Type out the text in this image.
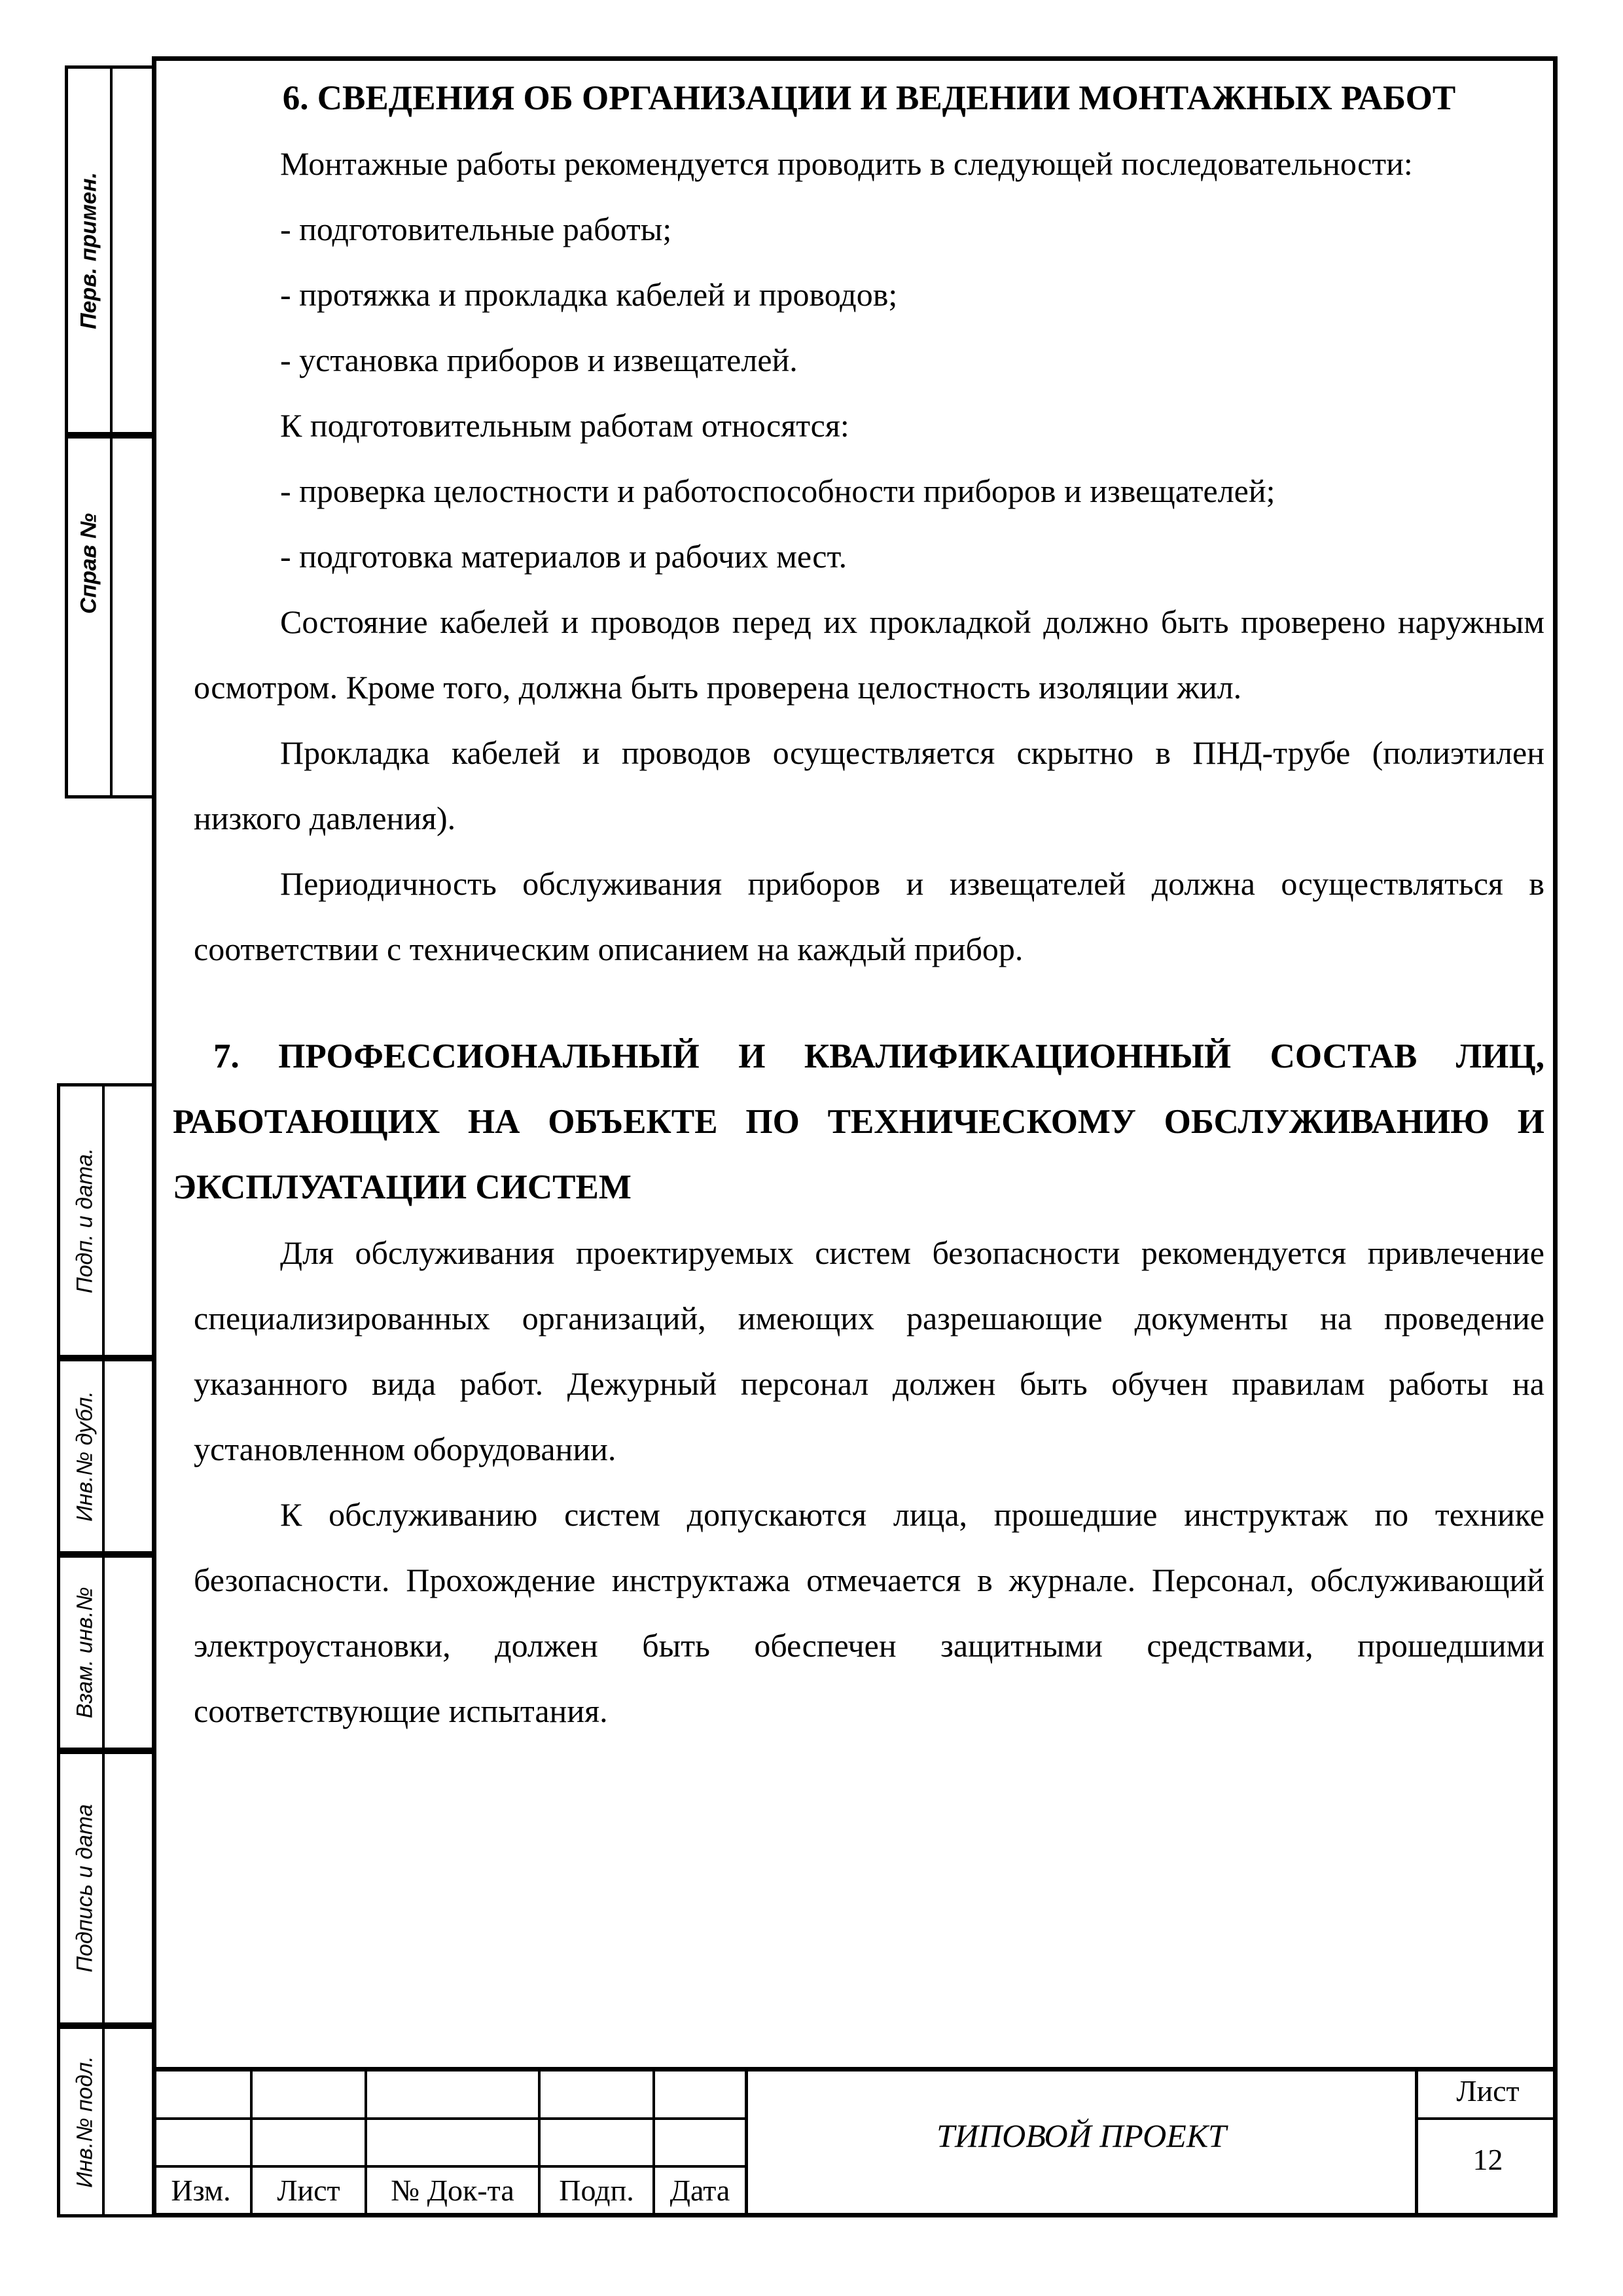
Перв. примен.
Справ №
Подп. и дата.
Инв.№ дубл.
Взам. инв.№
Подпись и дата
Инв.№ подл.
6. СВЕДЕНИЯ ОБ ОРГАНИЗАЦИИ И ВЕДЕНИИ МОНТАЖНЫХ РАБОТ

Монтажные работы рекомендуется проводить в следующей последовательности:

- подготовительные работы;

- протяжка и прокладка кабелей и проводов;

- установка приборов и извещателей.

К подготовительным работам относятся:

- проверка целостности и работоспособности приборов и извещателей;

- подготовка материалов и рабочих мест.

Состояние кабелей и проводов перед их прокладкой должно быть проверено наружным осмотром. Кроме того, должна быть проверена целостность изоляции жил.

Прокладка кабелей и проводов осуществляется скрытно в ПНД-трубе (полиэтилен низкого давления).

Периодичность обслуживания приборов и извещателей должна осуществляться в соответствии с техническим описанием на каждый прибор.

7. ПРОФЕССИОНАЛЬНЫЙ И КВАЛИФИКАЦИОННЫЙ СОСТАВ ЛИЦ, РАБОТАЮЩИХ НА ОБЪЕКТЕ ПО ТЕХНИЧЕСКОМУ ОБСЛУЖИВАНИЮ И ЭКСПЛУАТАЦИИ СИСТЕМ

Для обслуживания проектируемых систем безопасности рекомендуется привлечение специализированных организаций, имеющих разрешающие документы на проведение указанного вида работ. Дежурный персонал должен быть обучен правилам работы на установленном оборудовании.

К обслуживанию систем допускаются лица, прошедшие инструктаж по технике безопасности. Прохождение инструктажа отмечается в журнале. Персонал, обслуживающий электроустановки, должен быть обеспечен защитными средствами, прошедшими соответствующие испытания.

Изм.	Лист	№ Док-та	Подп.	Дата
ТИПОВОЙ ПРОЕКТ
Лист
12
